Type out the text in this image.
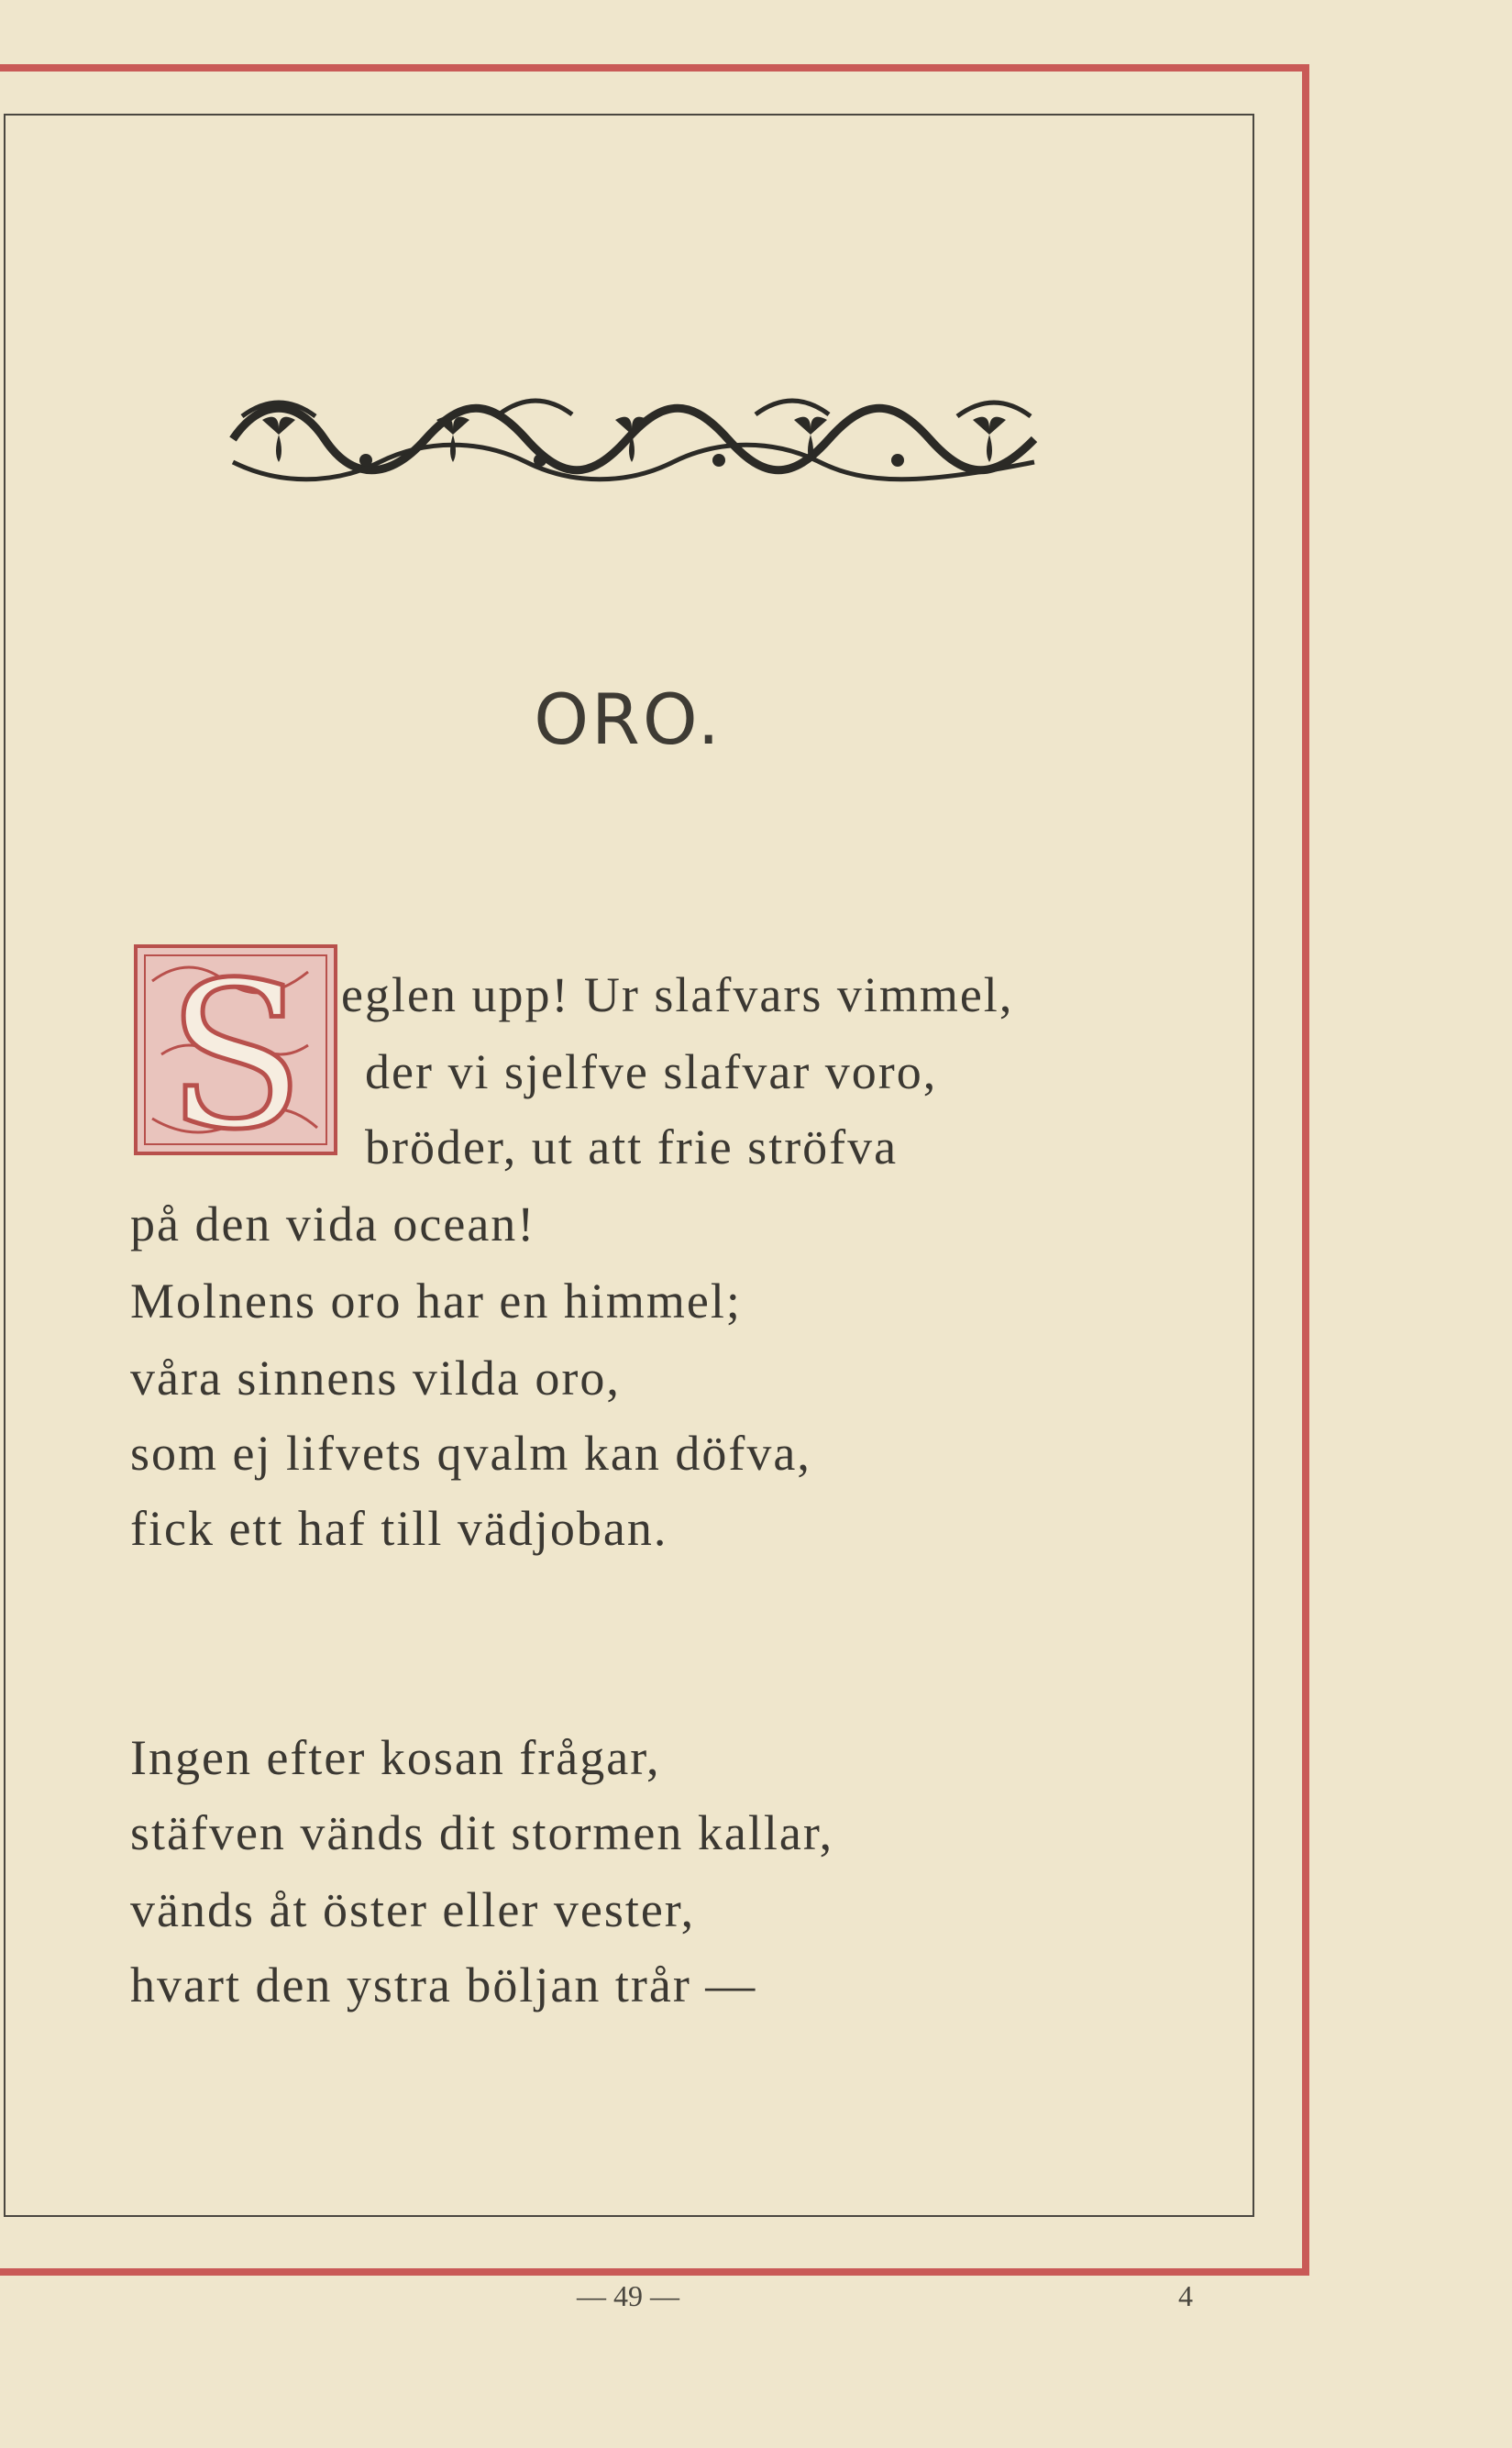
ORO.
S eglen upp! Ur slafvars vimmel,
der vi sjelfve slafvar voro,
bröder, ut att frie ströfva
på den vida ocean!
Molnens oro har en himmel;
våra sinnens vilda oro,
som ej lifvets qvalm kan döfva,
fick ett haf till vädjoban.
Ingen efter kosan frågar,
stäfven vänds dit stormen kallar,
vänds åt öster eller vester,
hvart den ystra böljan trår —
— 49 —	4
